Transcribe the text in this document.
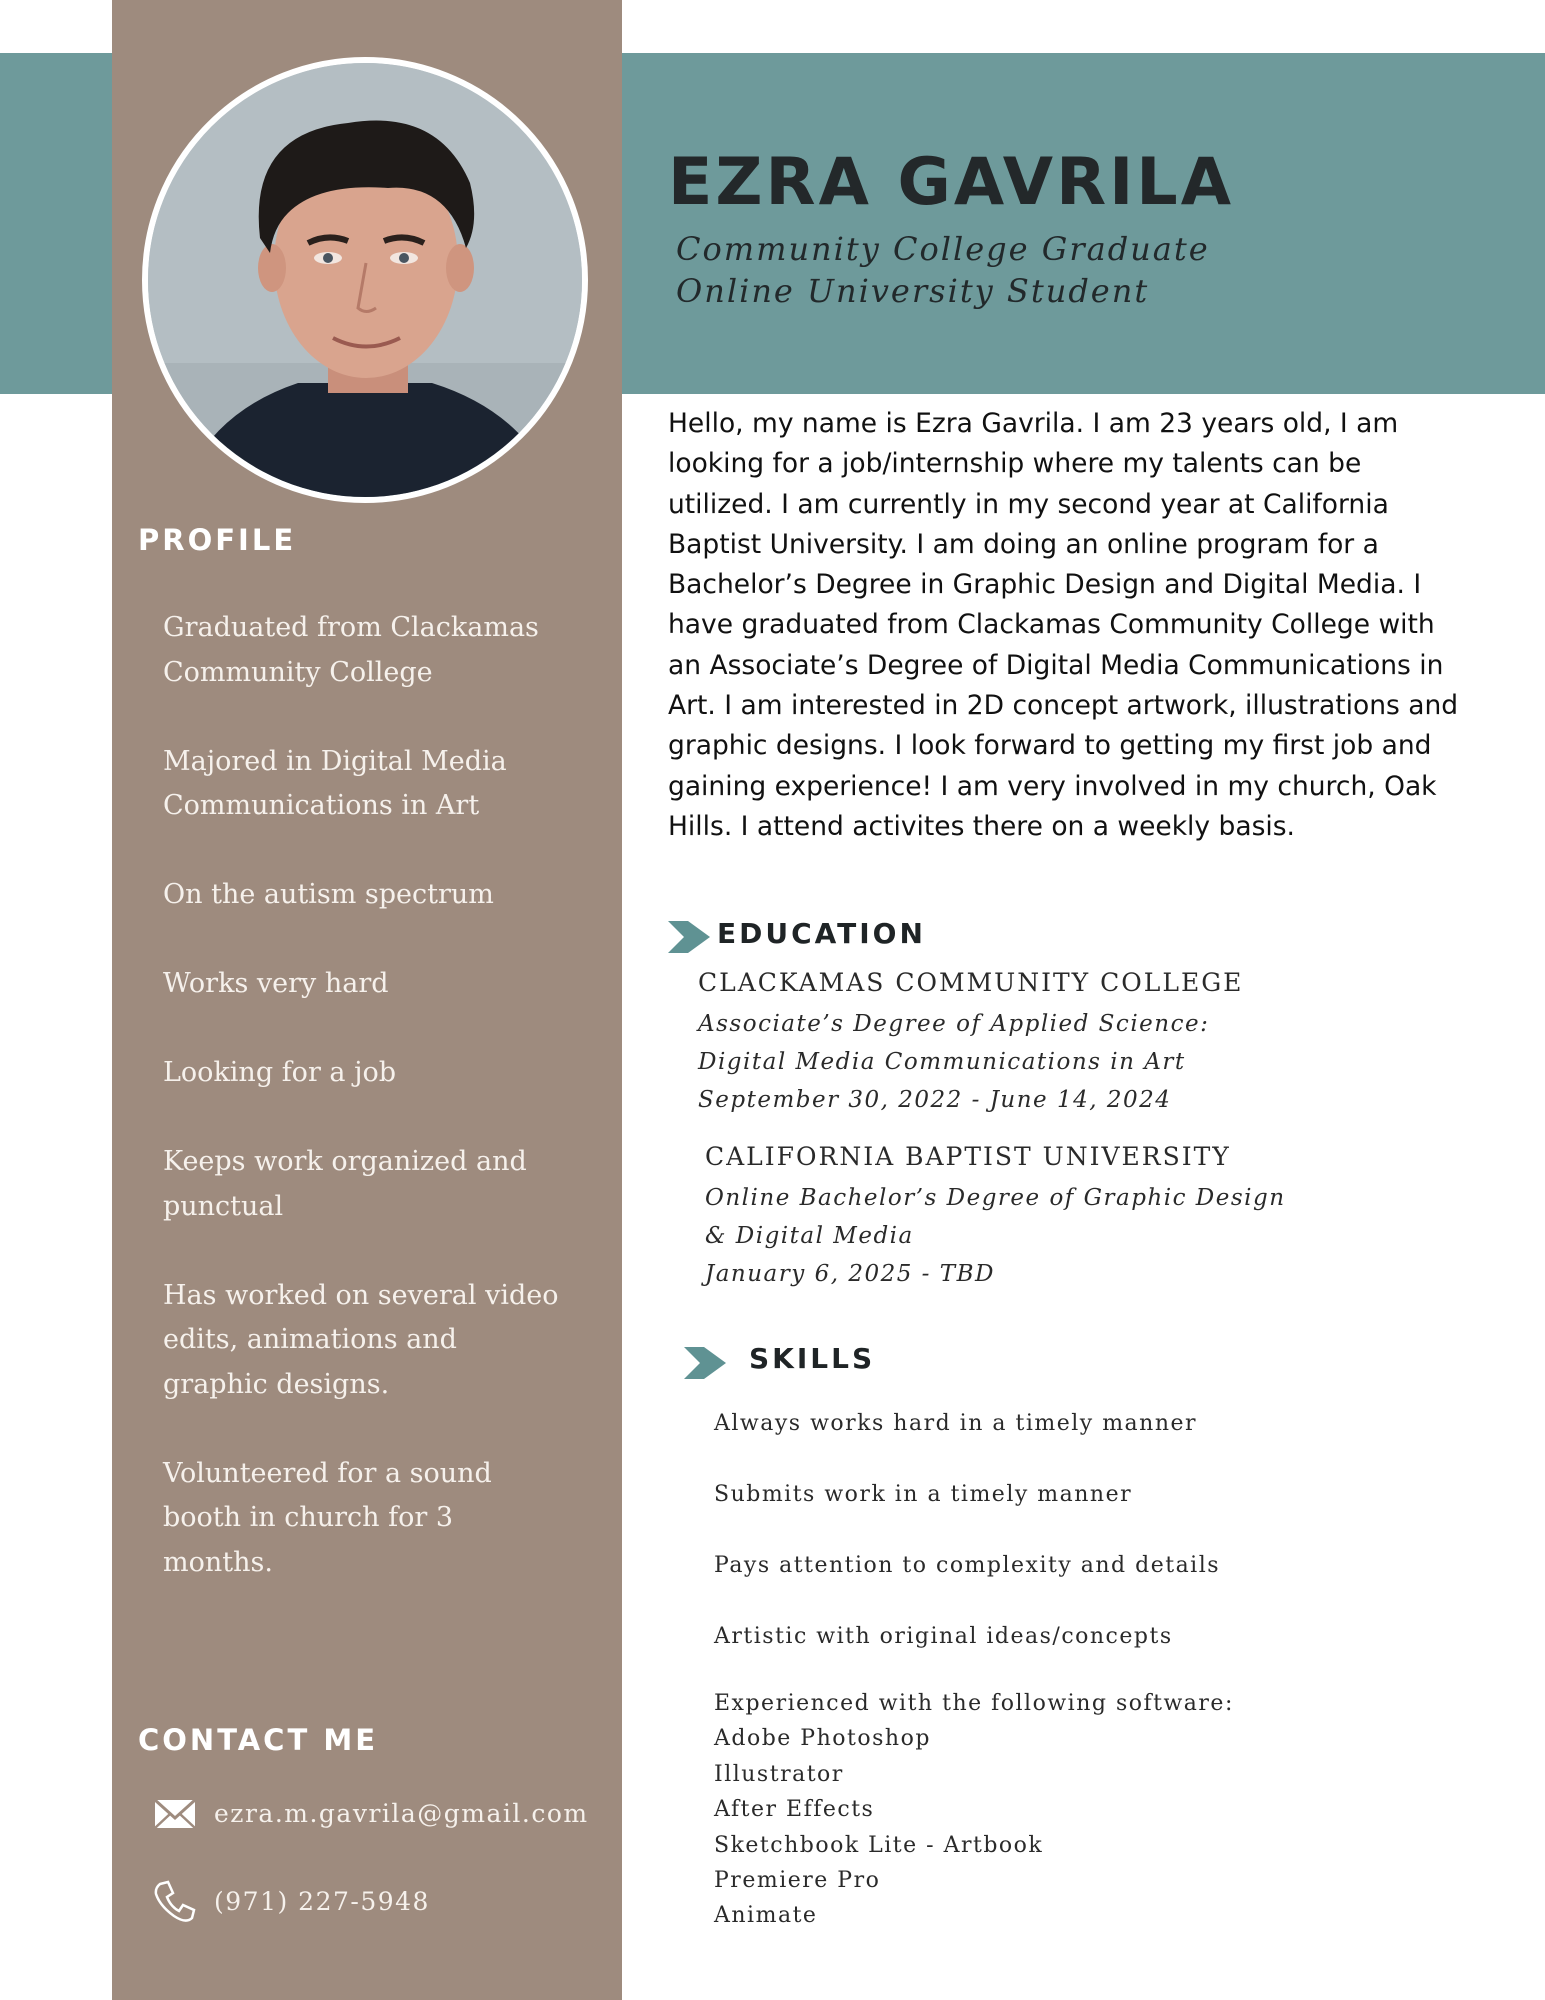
PROFILE
Graduated from Clackamas Community College
Majored in Digital Media Communications in Art
On the autism spectrum
Works very hard
Looking for a job
Keeps work organized and punctual
Has worked on several video edits, animations and graphic designs.
Volunteered for a sound booth in church for 3 months.
CONTACT ME
ezra.m.gavrila@gmail.com
(971) 227-5948
EZRA GAVRILA

Community College Graduate

Online University Student

Hello, my name is Ezra Gavrila. I am 23 years old, I am looking for a job/internship where my talents can be utilized. I am currently in my second year at California Baptist University. I am doing an online program for a Bachelor’s Degree in Graphic Design and Digital Media. I have graduated from Clackamas Community College with an Associate’s Degree of Digital Media Communications in Art. I am interested in 2D concept artwork, illustrations and graphic designs. I look forward to getting my first job and gaining experience! I am very involved in my church, Oak Hills. I attend activites there on a weekly basis.

EDUCATION

CLACKAMAS COMMUNITY COLLEGE

Associate’s Degree of Applied Science:

Digital Media Communications in Art

September 30, 2022 - June 14, 2024

CALIFORNIA BAPTIST UNIVERSITY

Online Bachelor’s Degree of Graphic Design

& Digital Media

January 6, 2025 - TBD

SKILLS
Always works hard in a timely manner
Submits work in a timely manner
Pays attention to complexity and details
Artistic with original ideas/concepts

Experienced with the following software:

Adobe Photoshop
Illustrator
After Effects
Sketchbook Lite - Artbook
Premiere Pro
Animate
